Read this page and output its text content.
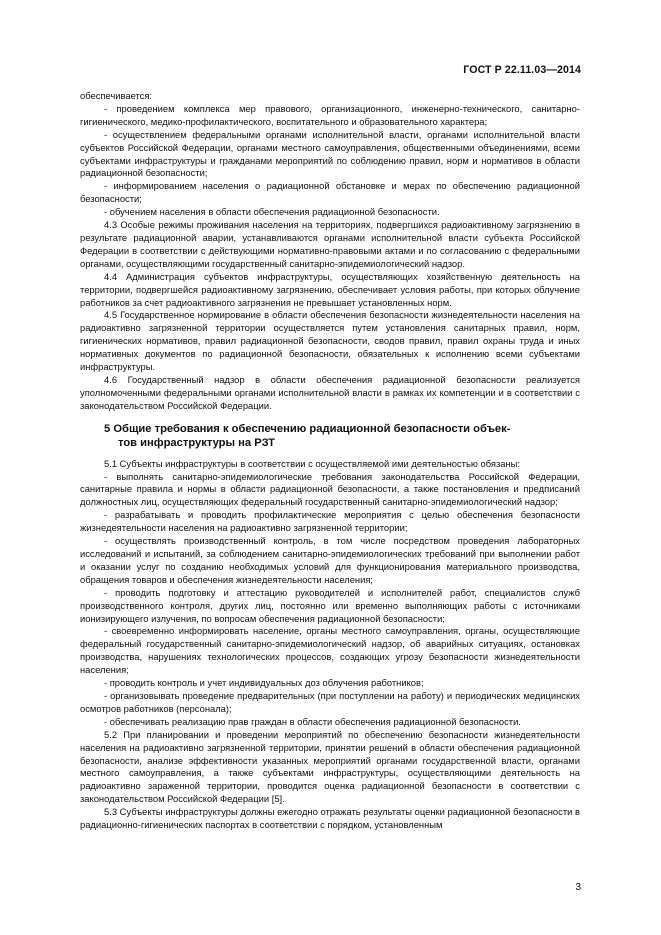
ГОСТ Р 22.11.03—2014

обеспечивается:

- проведением комплекса мер правового, организационного, инженерно-технического, санитарно-гигиенического, медико-профилактического, воспитательного и образовательного характера;

- осуществлением федеральными органами исполнительной власти, органами исполнительной власти субъектов Российской Федерации, органами местного самоуправления, общественными объединениями, всеми субъектами инфраструктуры и гражданами мероприятий по соблюдению правил, норм и нормативов в области радиационной безопасности;

- информированием населения о радиационной обстановке и мерах по обеспечению радиационной безопасности;

- обучением населения в области обеспечения радиационной безопасности.

4.3 Особые режимы проживания населения на территориях, подвергшихся радиоактивному загрязнению в результате радиационной аварии, устанавливаются органами исполнительной власти субъекта Российской Федерации в соответствии с действующими нормативно-правовыми актами и по согласованию с федеральными органами, осуществляющими государственный санитарно-эпидемиологический надзор.

4.4 Администрация субъектов инфраструктуры, осуществляющих хозяйственную деятельность на территории, подвергшейся радиоактивному загрязнению, обеспечивает условия работы, при которых облучение работников за счет радиоактивного загрязнения не превышает установленных норм.

4.5 Государственное нормирование в области обеспечения безопасности жизнедеятельности населения на радиоактивно загрязненной территории осуществляется путем установления санитарных правил, норм, гигиенических нормативов, правил радиационной безопасности, сводов правил, правил охраны труда и иных нормативных документов по радиационной безопасности, обязательных к исполнению всеми субъектами инфраструктуры.

4.6 Государственный надзор в области обеспечения радиационной безопасности реализуется уполномоченными федеральными органами исполнительной власти в рамках их компетенции и в соответствии с законодательством Российской Федерации.

5 Общие требования к обеспечению радиационной безопасности объек-
тов инфраструктуры на РЗТ

5.1 Субъекты инфраструктуры в соответствии с осуществляемой ими деятельностью обязаны:

- выполнять санитарно-эпидемиологические требования законодательства Российской Федерации, санитарные правила и нормы в области радиационной безопасности, а также постановления и предписаний должностных лиц, осуществляющих федеральный государственный санитарно-эпидемиологический надзор;

- разрабатывать и проводить профилактические мероприятия с целью обеспечения безопасности жизнедеятельности населения на радиоактивно загрязненной территории;

- осуществлять производственный контроль, в том числе посредством проведения лабораторных исследований и испытаний, за соблюдением санитарно-эпидемиологических требований при выполнении работ и оказании услуг по созданию необходимых условий для функционирования материального производства, обращения товаров и обеспечения жизнедеятельности населения;

- проводить подготовку и аттестацию руководителей и исполнителей работ, специалистов служб производственного контроля, других лиц, постоянно или временно выполняющих работы с источниками ионизирующего излучения, по вопросам обеспечения радиационной безопасности;

- своевременно информировать население, органы местного самоуправления, органы, осуществляющие федеральный государственный санитарно-эпидемиологический надзор, об аварийных ситуациях, остановках производства, нарушениях технологических процессов, создающих угрозу безопасности жизнедеятельности населения;

- проводить контроль и учет индивидуальных доз облучения работников;

- организовывать проведение предварительных (при поступлении на работу) и периодических медицинских осмотров работников (персонала);

- обеспечивать реализацию прав граждан в области обеспечения радиационной безопасности.

5.2 При планировании и проведении мероприятий по обеспечению безопасности жизнедеятельности населения на радиоактивно загрязненной территории, принятии решений в области обеспечения радиационной безопасности, анализе эффективности указанных мероприятий органами государственной власти, органами местного самоуправления, а также субъектами инфраструктуры, осуществляющими деятельность на радиоактивно зараженной территории, проводится оценка радиационной безопасности в соответствии с законодательством Российской Федерации [5].

5.3 Субъекты инфраструктуры должны ежегодно отражать результаты оценки радиационной безопасности в радиационно-гигиенических паспортах в соответствии с порядком, установленным

3
